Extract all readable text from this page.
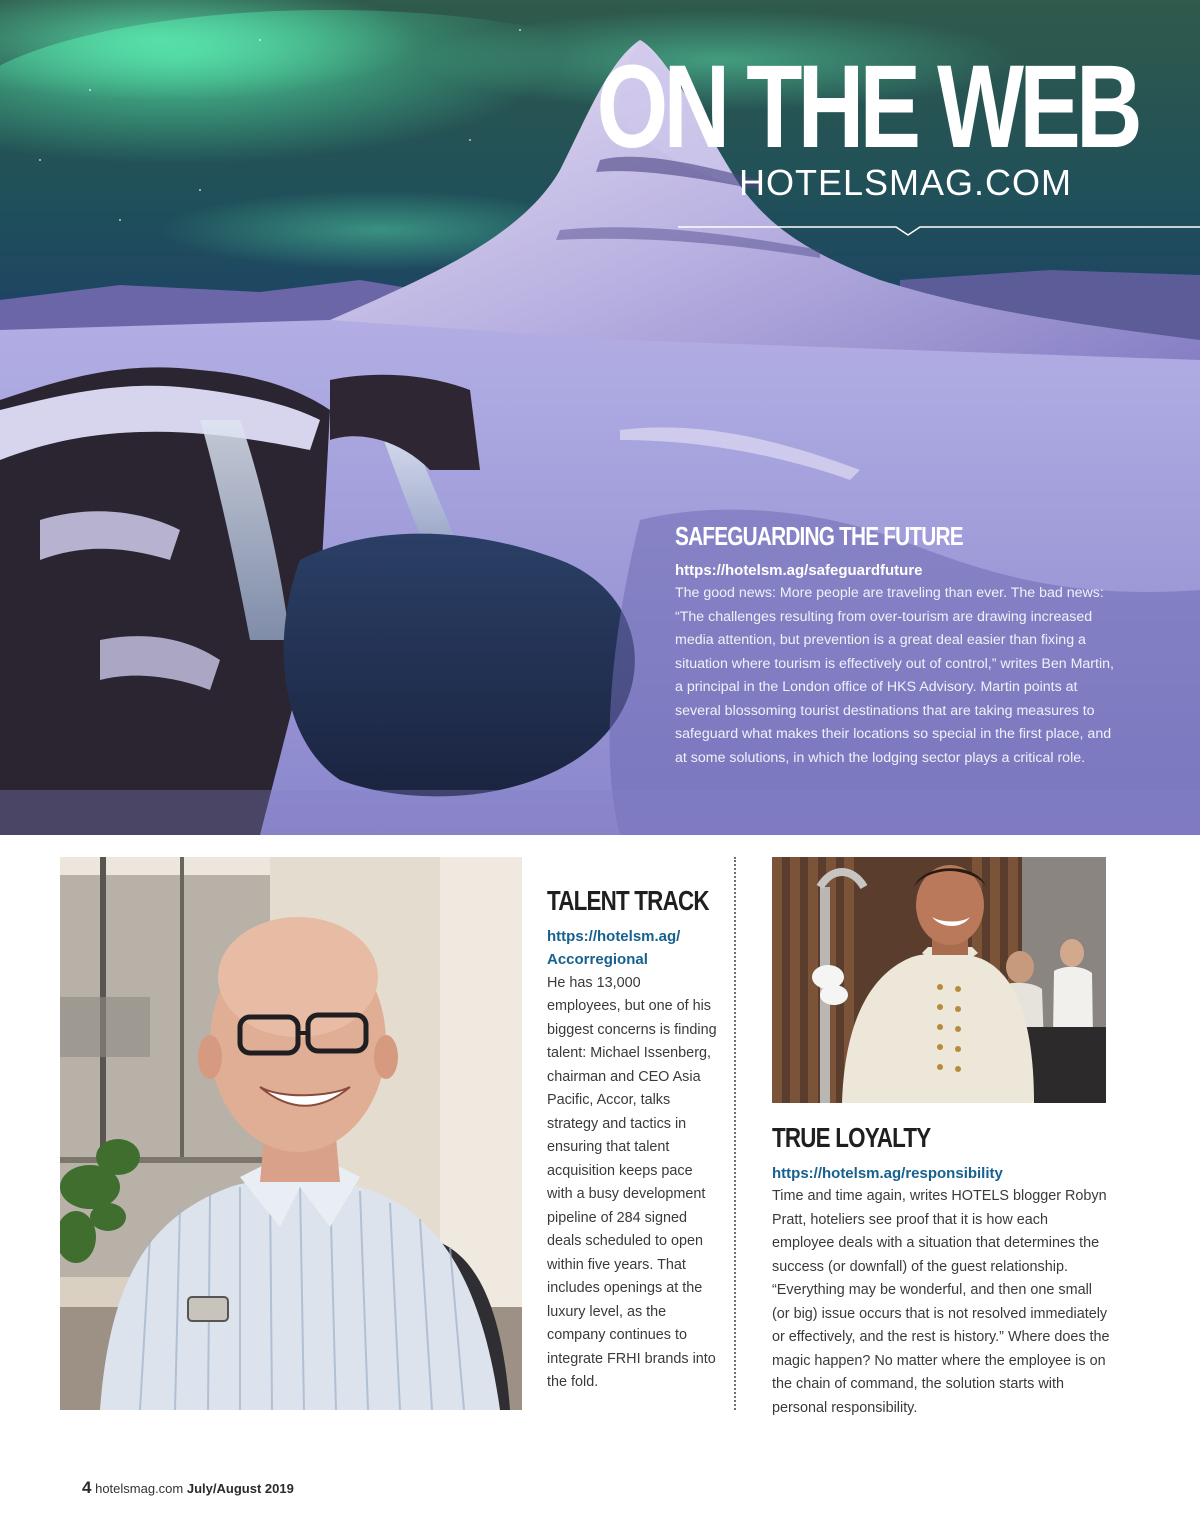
ON THE WEB
HOTELSMAG.COM
SAFEGUARDING THE FUTURE
https://hotelsm.ag/safeguardfuture

The good news: More people are traveling than ever. The bad news: “The challenges resulting from over-tourism are drawing increased media attention, but prevention is a great deal easier than fixing a situation where tourism is effectively out of control,” writes Ben Martin, a principal in the London office of HKS Advisory. Martin points at several blossoming tourist destinations that are taking measures to safeguard what makes their locations so special in the first place, and at some solutions, in which the lodging sector plays a critical role.

TALENT TRACK
https://hotelsm.ag/
Accorregional

He has 13,000 employees, but one of his biggest concerns is finding talent: Michael Issenberg, chairman and CEO Asia Pacific, Accor, talks strategy and tactics in ensuring that talent acquisition keeps pace with a busy development pipeline of 284 signed deals scheduled to open within five years. That includes openings at the luxury level, as the company continues to integrate FRHI brands into the fold.

TRUE LOYALTY
https://hotelsm.ag/responsibility

Time and time again, writes HOTELS blogger Robyn Pratt, hoteliers see proof that it is how each employee deals with a situation that determines the success (or downfall) of the guest relationship. “Everything may be wonderful, and then one small (or big) issue occurs that is not resolved immediately or effectively, and the rest is history.” Where does the magic happen? No matter where the employee is on the chain of command, the solution starts with personal responsibility.

4 hotelsmag.com July/August 2019
